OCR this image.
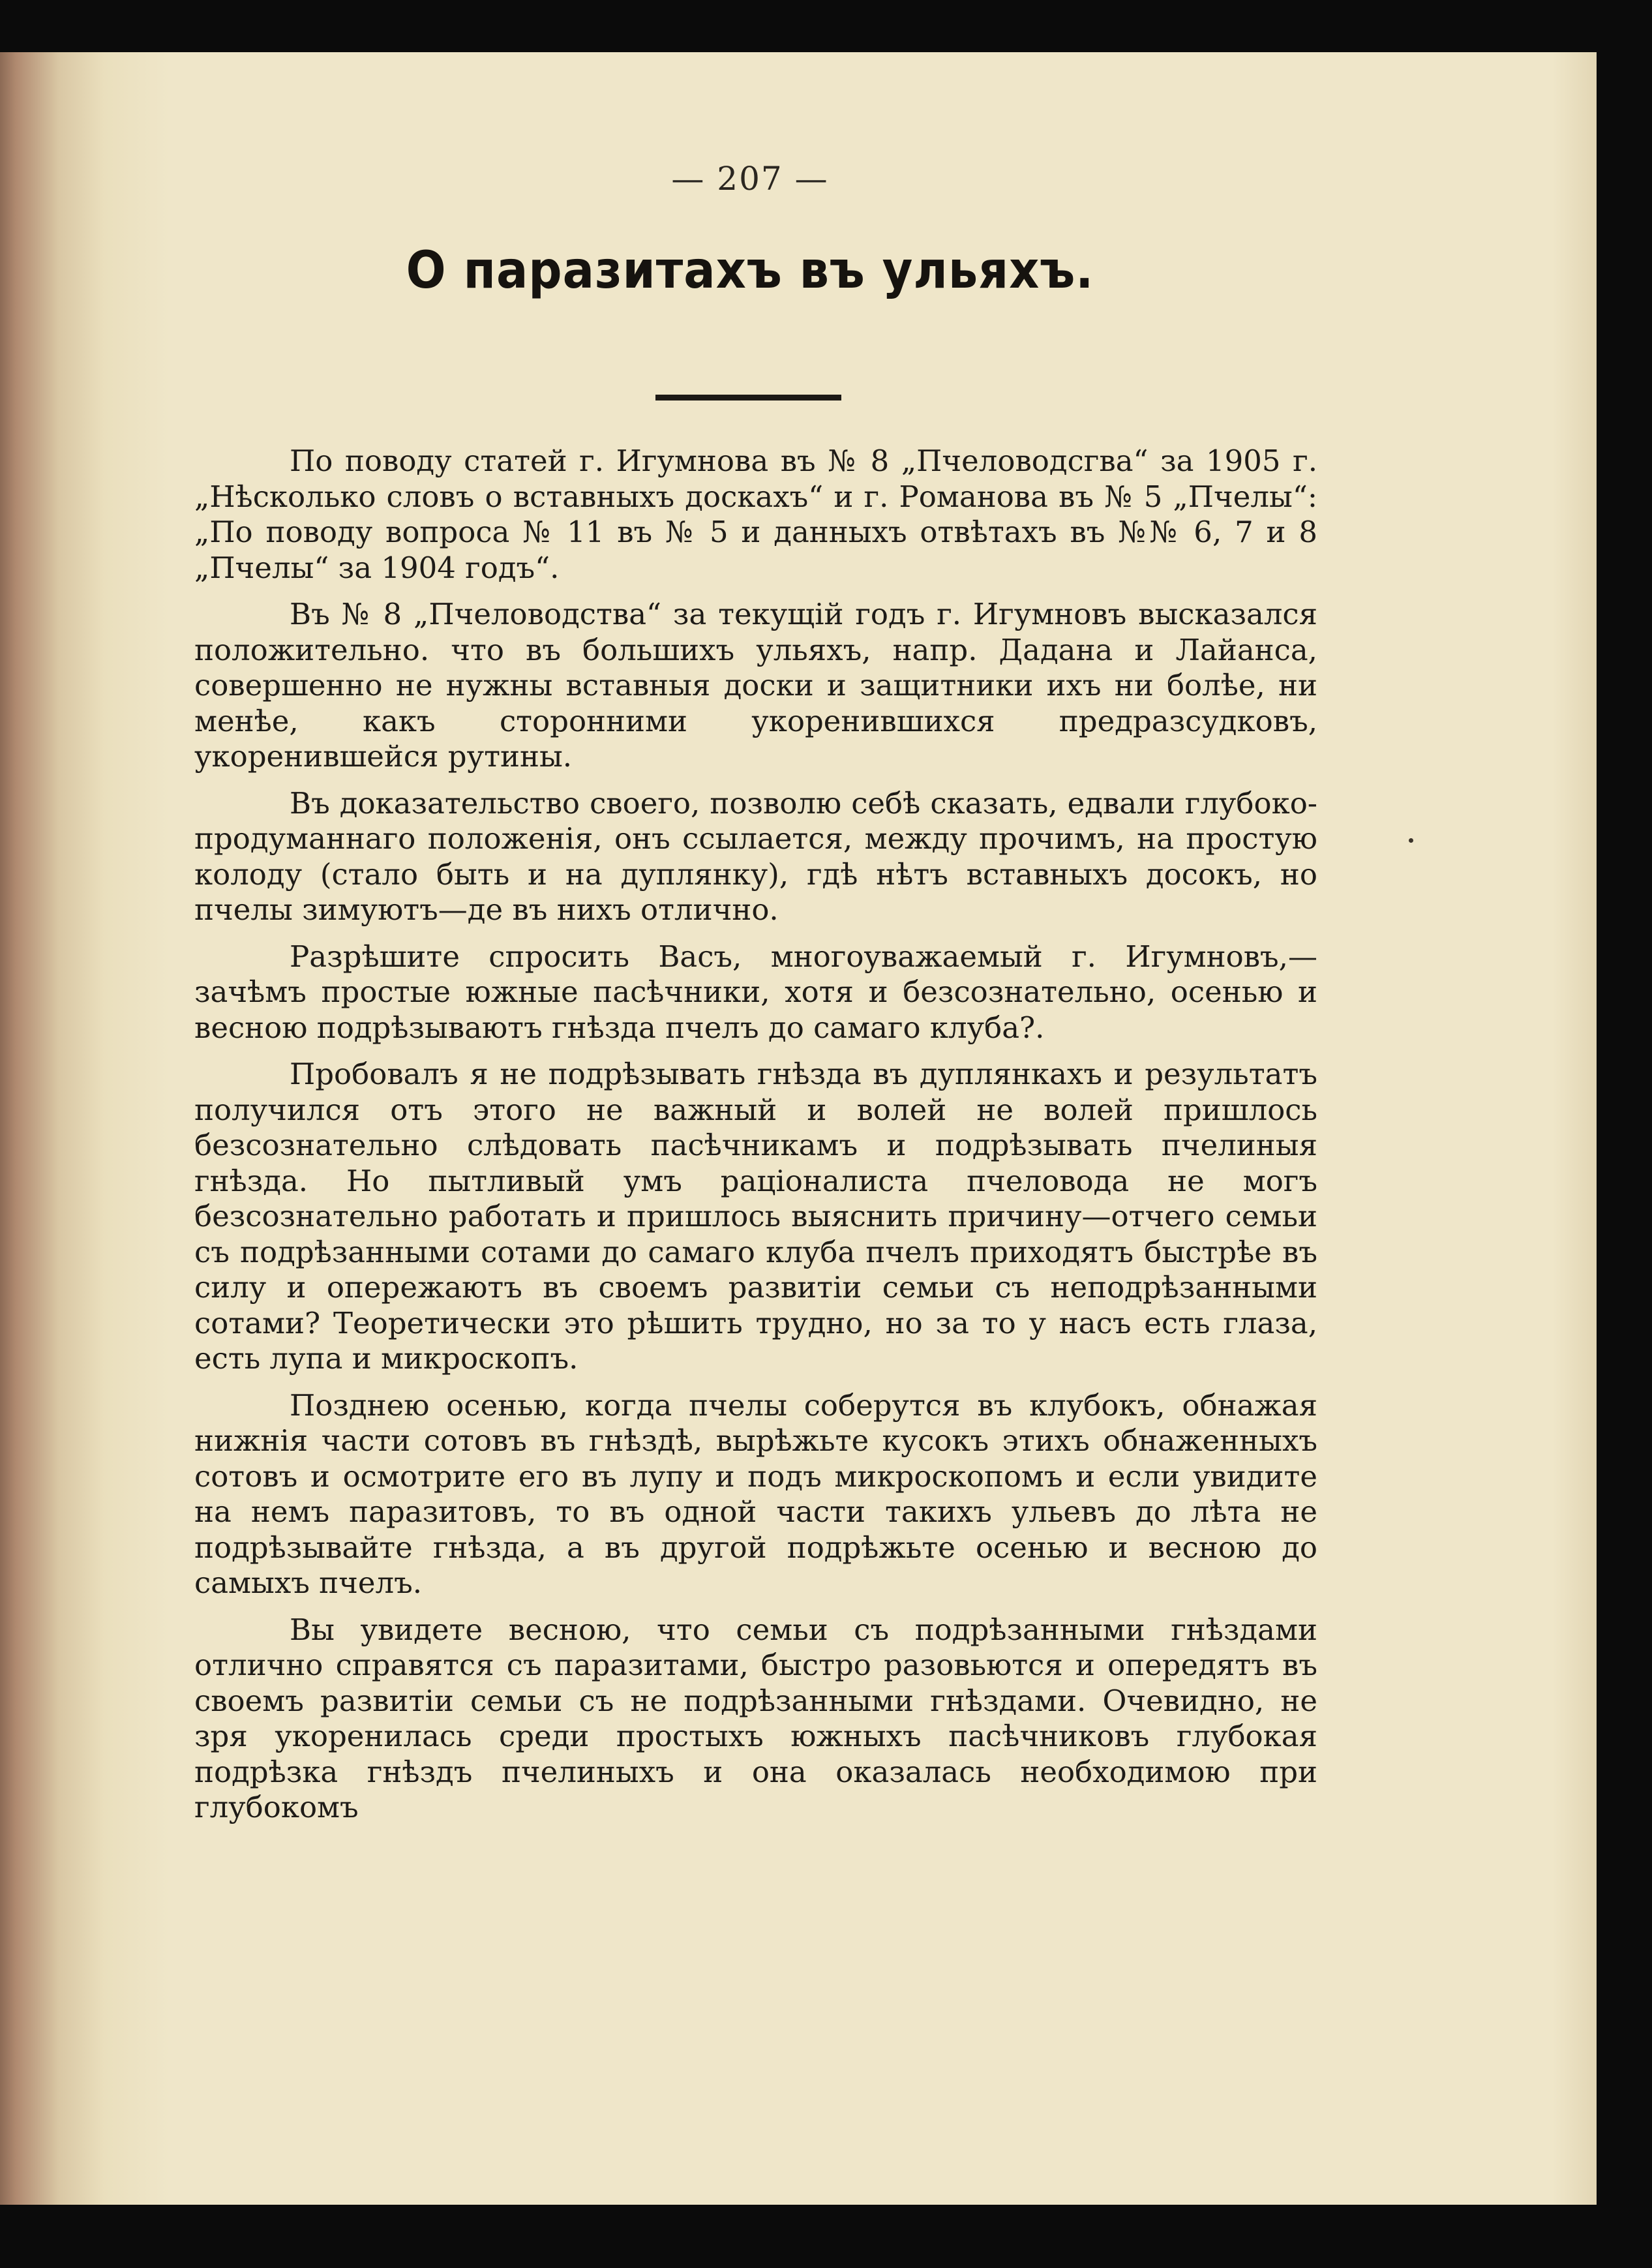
— 207 —
О паразитахъ въ ульяхъ.

По поводу статей г. Игумнова въ № 8 „Пчеловодсгва“ за 1905 г. „Нѣсколько словъ о вставныхъ доскахъ“ и г. Романова въ № 5 „Пчелы“: „По поводу вопроса № 11 въ № 5 и данныхъ отвѣтахъ въ №№ 6, 7 и 8 „Пчелы“ за 1904 годъ“.

Въ № 8 „Пчеловодства“ за текущій годъ г. Игумновъ высказался положительно. что въ большихъ ульяхъ, напр. Дадана и Лайанса, совершенно не нужны вставныя доски и защитники ихъ ни болѣе, ни менѣе, какъ сторонними укоренившихся предразсудковъ, укоренившейся рутины.

Въ доказательство своего, позволю себѣ сказать, едвали глубоко-продуманнаго положенія, онъ ссылается, между прочимъ, на простую колоду (стало быть и на дуплянку), гдѣ нѣтъ вставныхъ досокъ, но пчелы зимуютъ—де въ нихъ отлично.

Разрѣшите спросить Васъ, многоуважаемый г. Игумновъ,—зачѣмъ простые южные пасѣчники, хотя и безсознательно, осенью и весною подрѣзываютъ гнѣзда пчелъ до самаго клуба?.

Пробовалъ я не подрѣзывать гнѣзда въ дуплянкахъ и результатъ получился отъ этого не важный и волей не волей пришлось безсознательно слѣдовать пасѣчникамъ и подрѣзывать пчелиныя гнѣзда. Но пытливый умъ раціоналиста пчеловода не могъ безсознательно работать и пришлось выяснить причину—отчего семьи съ подрѣзанными сотами до самаго клуба пчелъ приходятъ быстрѣе въ силу и опережаютъ въ своемъ развитіи семьи съ неподрѣзанными сотами? Теоретически это рѣшить трудно, но за то у насъ есть глаза, есть лупа и микроскопъ.

Позднею осенью, когда пчелы соберутся въ клубокъ, обнажая нижнія части сотовъ въ гнѣздѣ, вырѣжьте кусокъ этихъ обнаженныхъ сотовъ и осмотрите его въ лупу и подъ микроскопомъ и если увидите на немъ паразитовъ, то въ одной части такихъ ульевъ до лѣта не подрѣзывайте гнѣзда, а въ другой подрѣжьте осенью и весною до самыхъ пчелъ.

Вы увидете весною, что семьи съ подрѣзанными гнѣздами отлично справятся съ паразитами, быстро разовьются и опередятъ въ своемъ развитіи семьи съ не подрѣзанными гнѣздами. Очевидно, не зря укоренилась среди простыхъ южныхъ пасѣчниковъ глубокая подрѣзка гнѣздъ пчелиныхъ и она оказалась необходимою при глубокомъ
